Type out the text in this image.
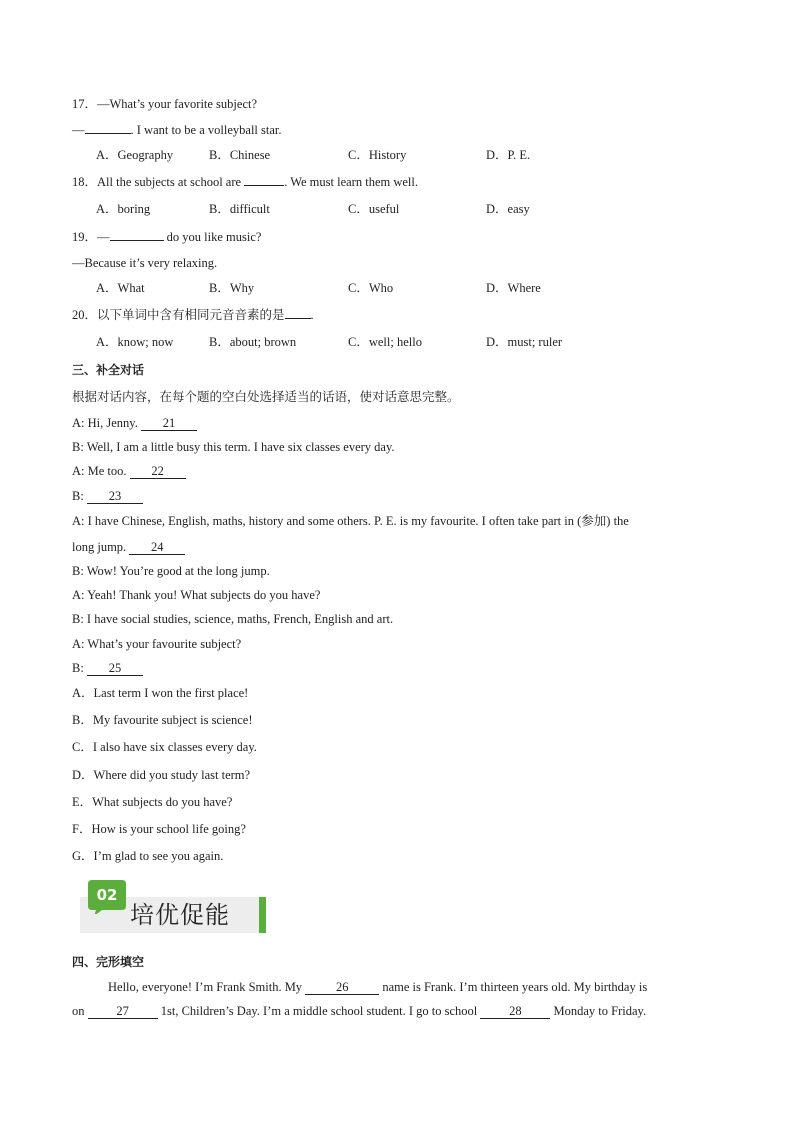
17．—What’s your favorite subject?
—	. I want to be a volleyball star.
A．Geography	B．Chinese	C．History	D．P. E.
18．All the subjects at school are	. We must learn them well.
A．boring	B．difficult	C．useful	D．easy
19．—	do you like music?
—Because it’s very relaxing.
A．What	B．Why	C．Who	D．Where
20．以下单词中含有相同元音音素的是 .
A．know; now	B．about; brown	C．well; hello	D．must; ruler
三、补全对话
根据对话内容，在每个题的空白处选择适当的话语，使对话意思完整。
A: Hi, Jenny. 21
B: Well, I am a little busy this term. I have six classes every day.
A: Me too. 22
B: 23
A: I have Chinese, English, maths, history and some others. P. E. is my favourite. I often take part in (参加) the
long jump. 24
B: Wow! You’re good at the long jump.
A: Yeah! Thank you! What subjects do you have?
B: I have social studies, science, maths, French, English and art.
A: What’s your favourite subject?
B: 25
A．Last term I won the first place!
B．My favourite subject is science!
C．I also have six classes every day.
D．Where did you study last term?
E．What subjects do you have?
F．How is your school life going?
G．I’m glad to see you again.
02
培优促能
四、完形填空
Hello, everyone! I’m Frank Smith. My 26 name is Frank. I’m thirteen years old. My birthday is
on 27 1st, Children’s Day. I’m a middle school student. I go to school 28 Monday to Friday.
